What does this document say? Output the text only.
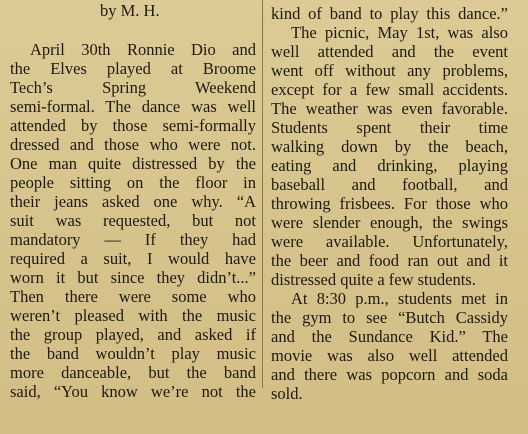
by M. H.
April 30th Ronnie Dio and
the Elves played at Broome
Tech’s Spring Weekend
semi-formal. The dance was well
attended by those semi-formally
dressed and those who were not.
One man quite distressed by the
people sitting on the floor in
their jeans asked one why. “A
suit was requested, but not
mandatory — If they had
required a suit, I would have
worn it but since they didn’t...”
Then there were some who
weren’t pleased with the music
the group played, and asked if
the band wouldn’t play music
more danceable, but the band
said, “You know we’re not the
kind of band to play this dance.”
The picnic, May 1st, was also
well attended and the event
went off without any problems,
except for a few small accidents.
The weather was even favorable.
Students spent their time
walking down by the beach,
eating and drinking, playing
baseball and football, and
throwing frisbees. For those who
were slender enough, the swings
were available. Unfortunately,
the beer and food ran out and it
distressed quite a few students.
At 8:30 p.m., students met in
the gym to see “Butch Cassidy
and the Sundance Kid.” The
movie was also well attended
and there was popcorn and soda
sold.
